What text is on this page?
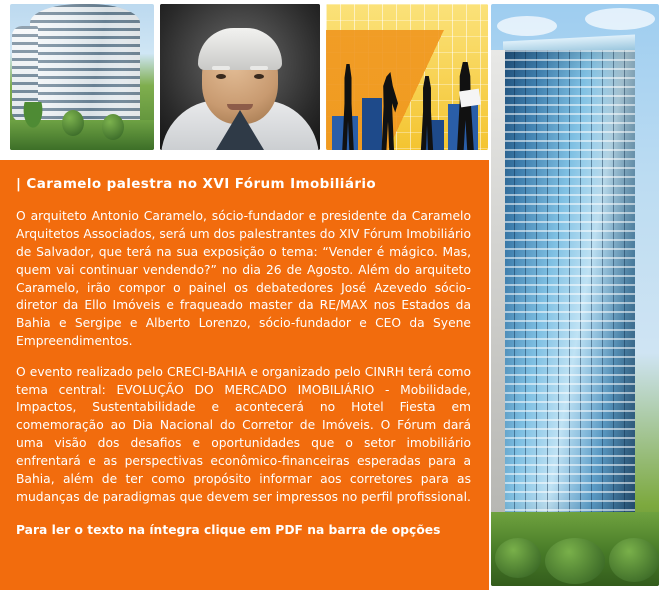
| Caramelo palestra no XVI Fórum Imobiliário

O arquiteto Antonio Caramelo, sócio-fundador e presidente da Caramelo Arquitetos Associados, será um dos palestrantes do XIV Fórum Imobiliário de Salvador, que terá na sua exposição o tema: “Vender é mágico. Mas, quem vai continuar vendendo?” no dia 26 de Agosto. Além do arquiteto Caramelo, irão compor o painel os debatedores José Azevedo sócio-diretor da Ello Imóveis e fraqueado master da RE/MAX nos Estados da Bahia e Sergipe e Alberto Lorenzo, sócio-fundador e CEO da Syene Empreendimentos.

O evento realizado pelo CRECI-BAHIA e organizado pelo CINRH terá como tema central: EVOLUÇÃO DO MERCADO IMOBILIÁRIO - Mobilidade, Impactos, Sustentabilidade e acontecerá no Hotel Fiesta em comemoração ao Dia Nacional do Corretor de Imóveis. O Fórum dará uma visão dos desafios e oportunidades que o setor imobiliário enfrentará e as perspectivas econômico-financeiras esperadas para a Bahia, além de ter como propósito informar aos corretores para as mudanças de paradigmas que devem ser impressos no perfil profissional.

Para ler o texto na íntegra clique em PDF na barra de opções
